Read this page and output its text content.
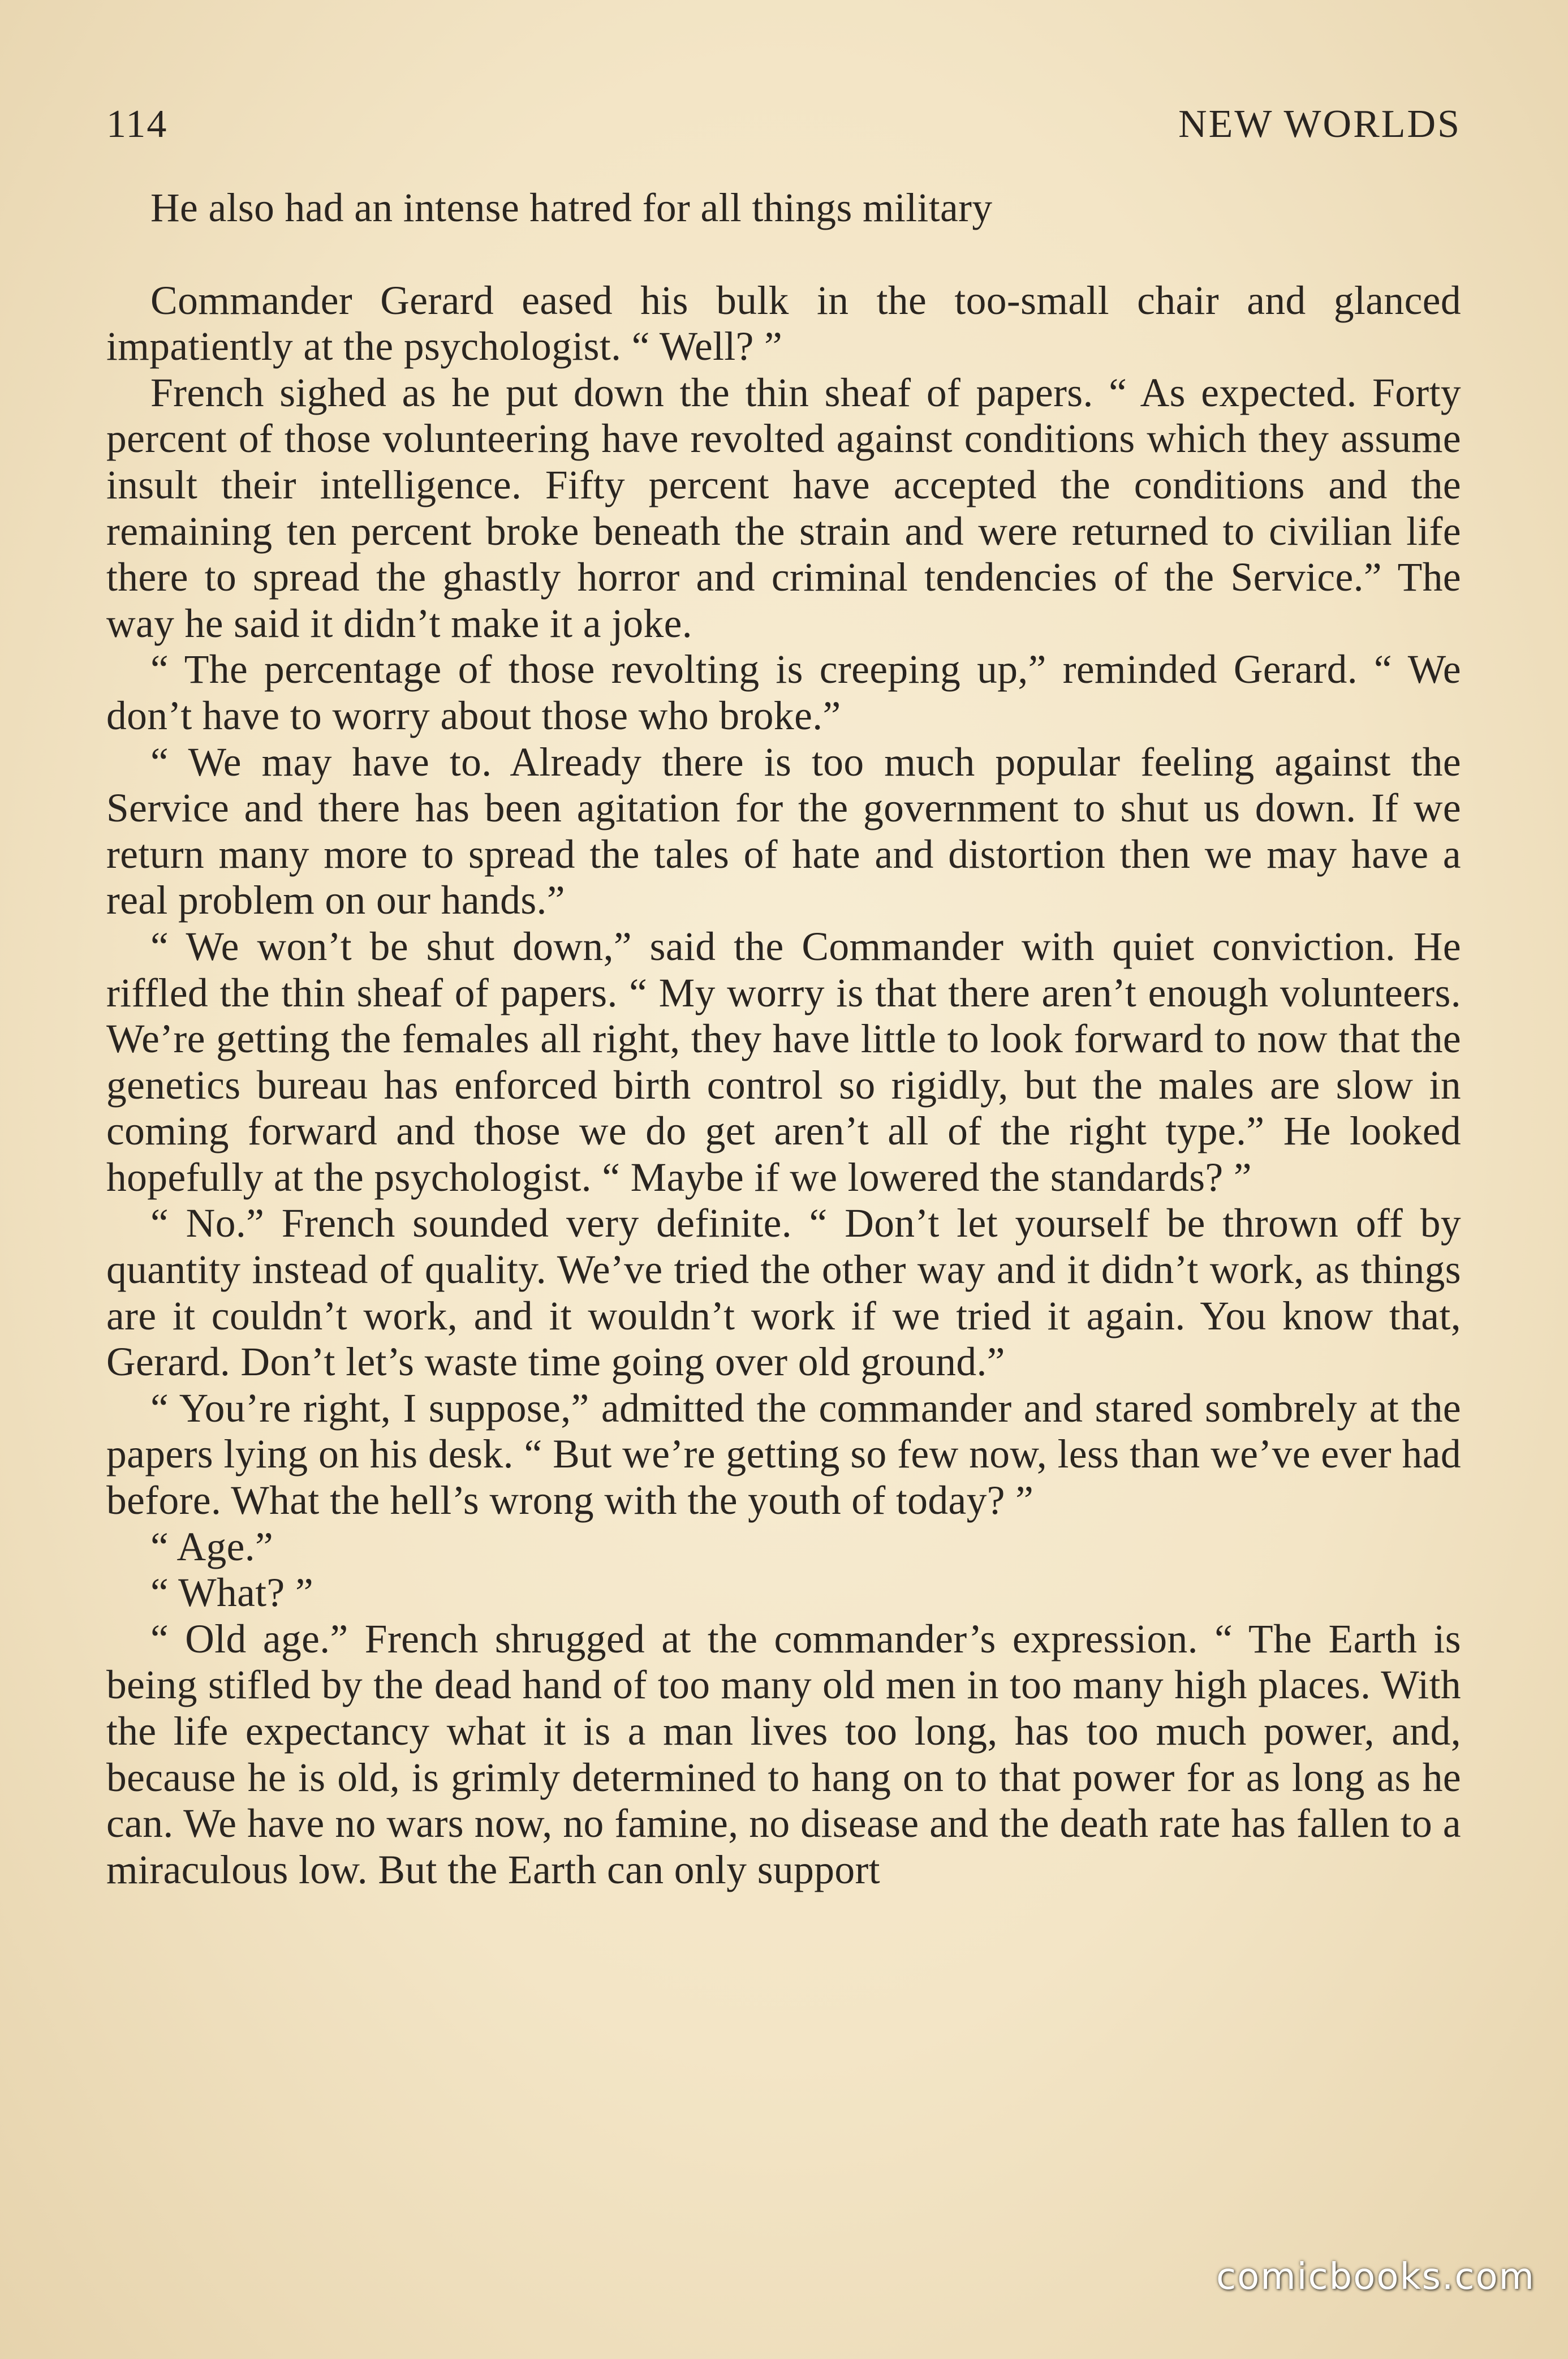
114	NEW WORLDS

He also had an intense hatred for all things military

Commander Gerard eased his bulk in the too-small chair and glanced impatiently at the psychologist. “ Well? ”

French sighed as he put down the thin sheaf of papers. “ As expected. Forty percent of those volunteering have revolted against conditions which they assume insult their intelligence. Fifty percent have accepted the conditions and the remaining ten percent broke beneath the strain and were returned to civilian life there to spread the ghastly horror and criminal tendencies of the Service.” The way he said it didn’t make it a joke.

“ The percentage of those revolting is creeping up,” reminded Gerard. “ We don’t have to worry about those who broke.”

“ We may have to. Already there is too much popular feeling against the Service and there has been agitation for the government to shut us down. If we return many more to spread the tales of hate and distortion then we may have a real problem on our hands.”

“ We won’t be shut down,” said the Commander with quiet conviction. He riffled the thin sheaf of papers. “ My worry is that there aren’t enough volunteers. We’re getting the females all right, they have little to look forward to now that the genetics bureau has enforced birth control so rigidly, but the males are slow in coming forward and those we do get aren’t all of the right type.” He looked hopefully at the psychologist. “ Maybe if we lowered the standards? ”

“ No.” French sounded very definite. “ Don’t let yourself be thrown off by quantity instead of quality. We’ve tried the other way and it didn’t work, as things are it couldn’t work, and it wouldn’t work if we tried it again. You know that, Gerard. Don’t let’s waste time going over old ground.”

“ You’re right, I suppose,” admitted the commander and stared sombrely at the papers lying on his desk. “ But we’re getting so few now, less than we’ve ever had before. What the hell’s wrong with the youth of today? ”

“ Age.”

“ What? ”

“ Old age.” French shrugged at the commander’s expression. “ The Earth is being stifled by the dead hand of too many old men in too many high places. With the life expectancy what it is a man lives too long, has too much power, and, because he is old, is grimly determined to hang on to that power for as long as he can. We have no wars now, no famine, no disease and the death rate has fallen to a miraculous low. But the Earth can only support

comicbooks.com
